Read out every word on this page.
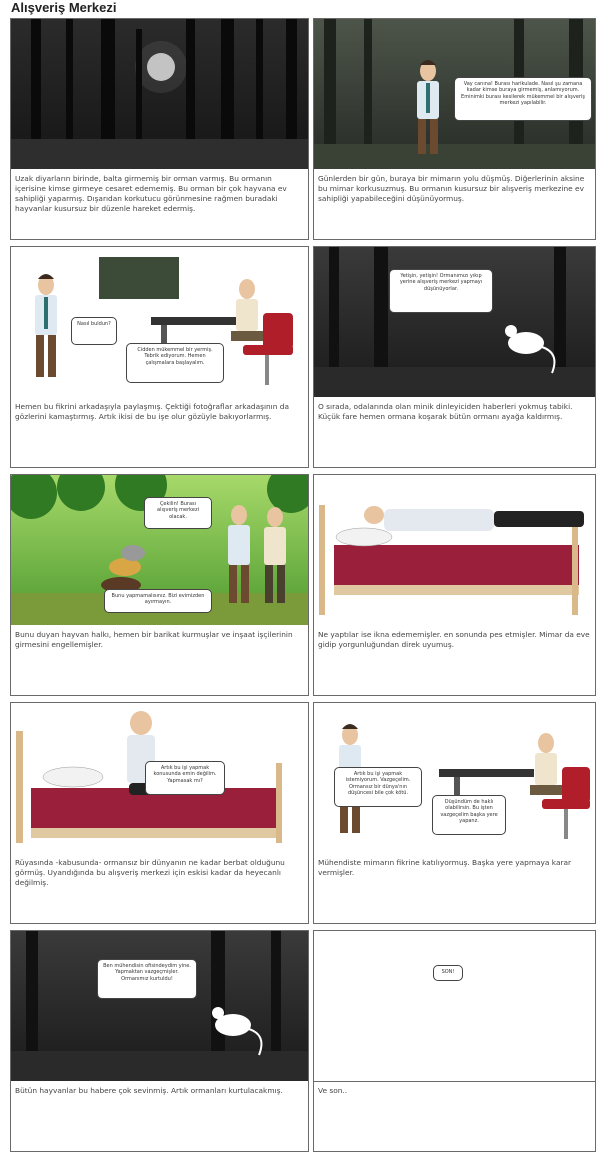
Alışveriş Merkezi
Uzak diyarların birinde, balta girmemiş bir orman varmış. Bu ormanın içerisine kimse girmeye cesaret edememiş. Bu orman bir çok hayvana ev sahipliği yaparmış. Dışarıdan korkutucu görünmesine rağmen buradaki hayvanlar kusursuz bir düzenle hareket edermiş.
Vay canına! Burası harikulade. Nasıl şu zamana kadar kimse buraya girmemiş, anlamıyorum. Eminimki burası kesilerek mükemmel bir alışveriş merkezi yapılabilir.
Günlerden bir gün, buraya bir mimarın yolu düşmüş. Diğerlerinin aksine bu mimar korkusuzmuş. Bu ormanın kusursuz bir alışveriş merkezine ev sahipliği yapabileceğini düşünüyormuş.
Nasıl buldun?
Cidden mükemmel bir yermiş. Tebrik ediyorum. Hemen çalışmalara başlayalım.
Hemen bu fikrini arkadaşıyla paylaşmış. Çektiği fotoğraflar arkadaşının da gözlerini kamaştırmış. Artık ikisi de bu işe olur gözüyle bakıyorlarmış.
Yetişin, yetişin! Ormanımızı yıkıp yerine alışveriş merkezi yapmayı düşünüyorlar.
O sırada, odalarında olan minik dinleyiciden haberleri yokmuş tabiki. Küçük fare hemen ormana koşarak bütün ormanı ayağa kaldırmış.
Çekilin! Burası alışveriş merkezi olacak.
Bunu yapmamalısınız. Bizi evimizden ayırmayın.
Bunu duyan hayvan halkı, hemen bir barikat kurmuşlar ve inşaat işçilerinin girmesini engellemişler.
Ne yaptılar ise ikna edememişler. en sonunda pes etmişler. Mimar da eve gidip yorgunluğundan direk uyumuş.
Artık bu işi yapmak konusunda emin değilim. Yapmasak mı?
Rüyasında -kabusunda- ormansız bir dünyanın ne kadar berbat olduğunu görmüş. Uyandığında bu alışveriş merkezi için eskisi kadar da heyecanlı değilmiş.
Artık bu işi yapmak istemiyorum. Vazgeçelim. Ormansız bir dünya'nın düşüncesi bile çok kötü.
Düşündüm de haklı olabilirsin. Bu işten vazgeçelim başka yere yapanz.
Mühendiste mimarın fikrine katılıyormuş. Başka yere yapmaya karar vermişler.
Ben mühendisin ofisindeydim yine. Yapmaktan vazgeçmişler. Ormanımız kurtuldu!
Bütün hayvanlar bu habere çok sevinmiş. Artık ormanları kurtulacakmış.
SON!
Ve son..
